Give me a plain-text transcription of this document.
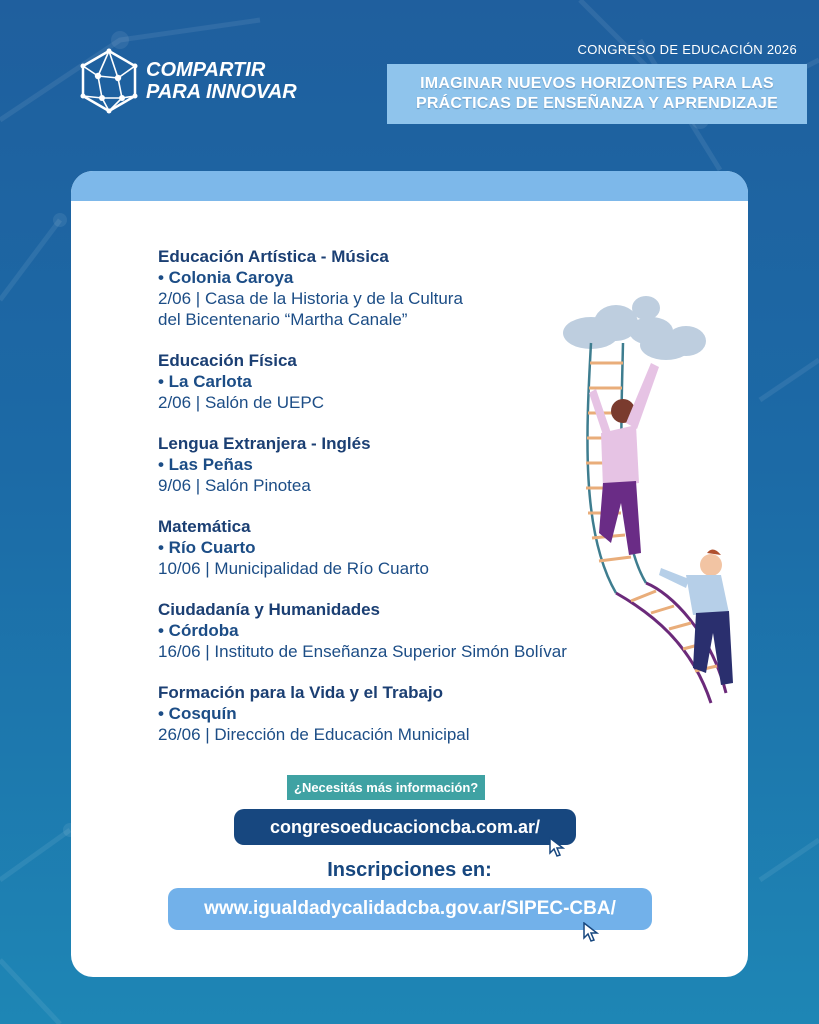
COMPARTIR
PARA INNOVAR
CONGRESO DE EDUCACIÓN 2026
IMAGINAR NUEVOS HORIZONTES PARA LAS
PRÁCTICAS DE ENSEÑANZA Y APRENDIZAJE
Educación Artística - Música
• Colonia Caroya
2/06 | Casa de la Historia y de la Cultura
del Bicentenario “Martha Canale”
Educación Física
• La Carlota
2/06 | Salón de UEPC
Lengua Extranjera - Inglés
• Las Peñas
9/06 | Salón Pinotea
Matemática
• Río Cuarto
10/06 | Municipalidad de Río Cuarto
Ciudadanía y Humanidades
• Córdoba
16/06 | Instituto de Enseñanza Superior Simón Bolívar
Formación para la Vida y el Trabajo
• Cosquín
26/06 | Dirección de Educación Municipal
¿Necesitás más información?
congresoeducacioncba.com.ar/
Inscripciones en:
www.igualdadycalidadcba.gov.ar/SIPEC-CBA/
